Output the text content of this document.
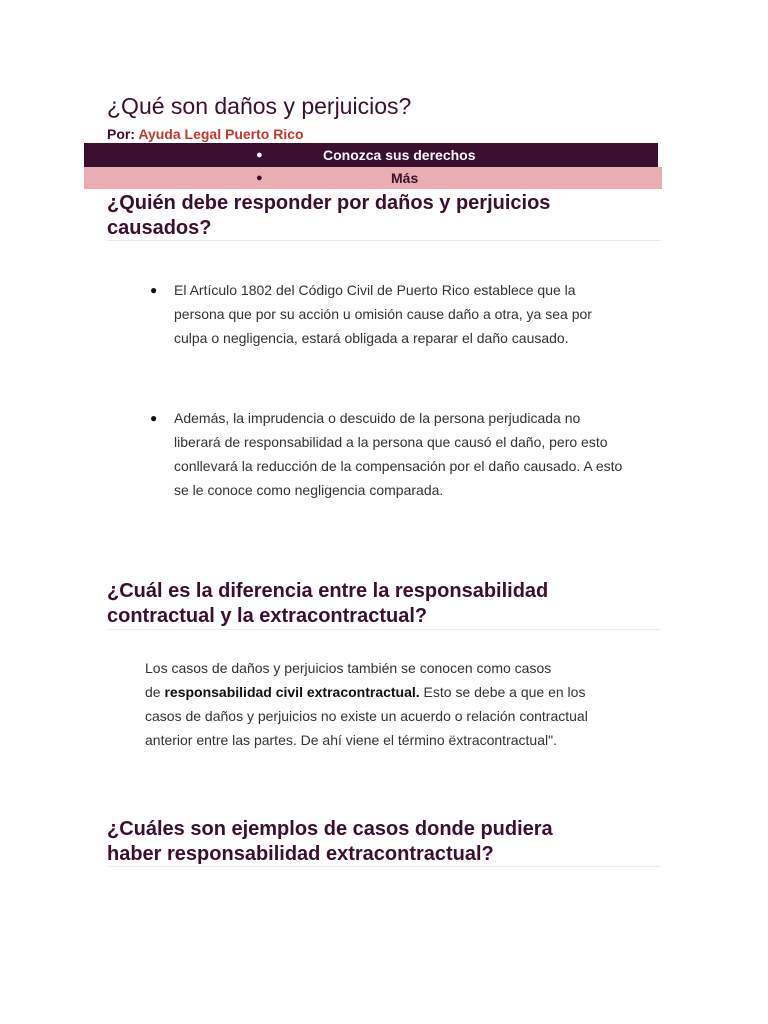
¿Qué son daños y perjuicios?
Por: Ayuda Legal Puerto Rico
●	Conozca sus derechos
●	Más
¿Quién debe responder por daños y perjuicios
causados?
● El Artículo 1802 del Código Civil de Puerto Rico establece que la
persona que por su acción u omisión cause daño a otra, ya sea por
culpa o negligencia, estará obligada a reparar el daño causado.
● Además, la imprudencia o descuido de la persona perjudicada no
liberará de responsabilidad a la persona que causó el daño, pero esto
conllevará la reducción de la compensación por el daño causado. A esto
se le conoce como negligencia comparada.
¿Cuál es la diferencia entre la responsabilidad
contractual y la extracontractual?
Los casos de daños y perjuicios también se conocen como casos
de responsabilidad civil extracontractual. Esto se debe a que en los
casos de daños y perjuicios no existe un acuerdo o relación contractual
anterior entre las partes. De ahí viene el término ëxtracontractual".
¿Cuáles son ejemplos de casos donde pudiera
haber responsabilidad extracontractual?
